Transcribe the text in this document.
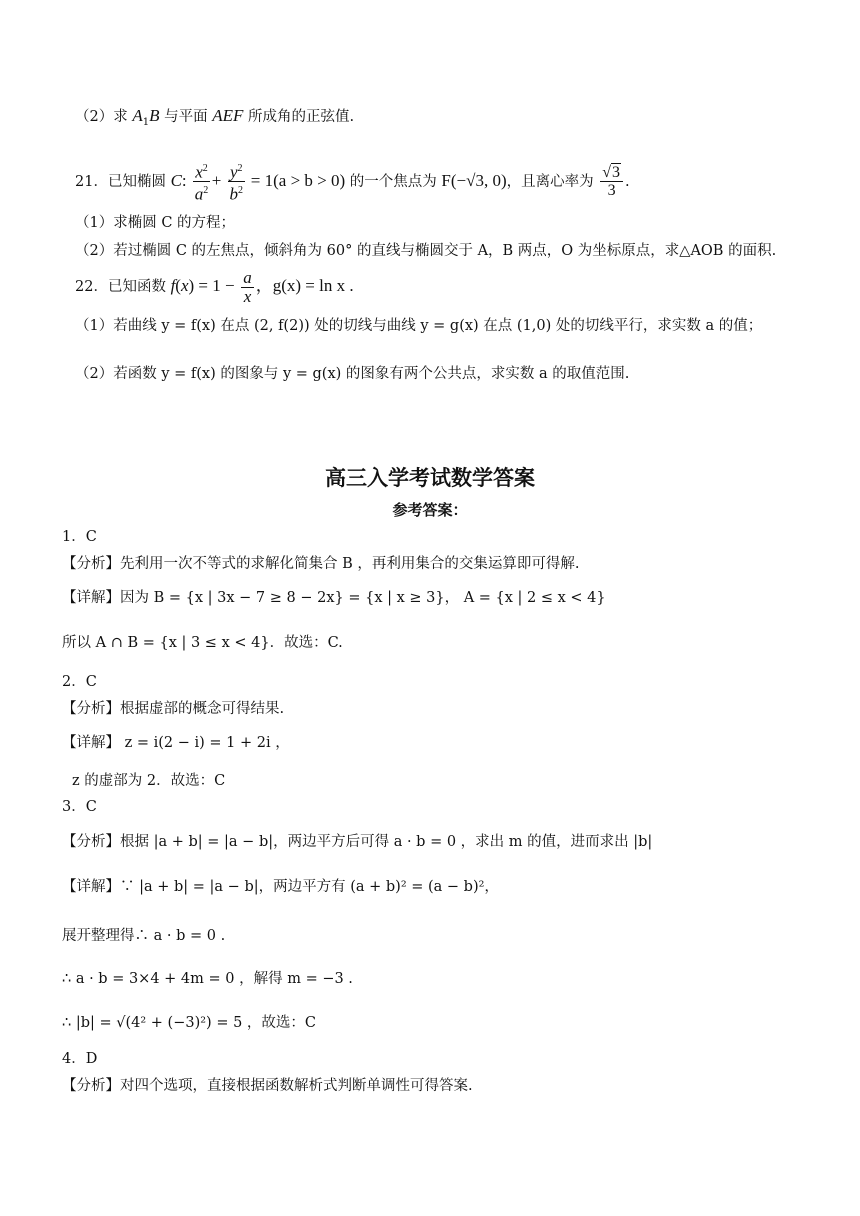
（2）求 $A_1B$ 与平面 AEF 所成角的正弦值.
21．已知椭圆 C: $\frac{x^2}{a^2} + \frac{y^2}{b^2} = 1(a > b > 0)$ 的一个焦点为 F(−√3, 0)，且离心率为 $\frac{√3}{3}$ .
（1）求椭圆 C 的方程；
（2）若过椭圆 C 的左焦点，倾斜角为 60° 的直线与椭圆交于 A，B 两点，O 为坐标原点，求△AOB 的面积.
22．已知函数 $f(x) = 1 - \frac{a}{x}$ ，g(x) = ln x .
（1）若曲线 y = f(x) 在点 (2, f(2)) 处的切线与曲线 y = g(x) 在点 (1,0) 处的切线平行，求实数 a 的值；
（2）若函数 y = f(x) 的图象与 y = g(x) 的图象有两个公共点，求实数 a 的取值范围.
高三入学考试数学答案
参考答案：
1．C
【分析】先利用一次不等式的求解化简集合 B ，再利用集合的交集运算即可得解.
【详解】因为 B = {x | 3x − 7 ≥ 8 − 2x} = {x | x ≥ 3}， A = {x | 2 ≤ x < 4}
所以 A ∩ B = {x | 3 ≤ x < 4}．故选：C.
2．C
【分析】根据虚部的概念可得结果.
【详解】 z = i(2 − i) = 1 + 2i ，
z 的虚部为 2．故选：C
3．C
【分析】根据 |a + b| = |a − b|，两边平方后可得 a · b = 0 ，求出 m 的值，进而求出 |b|
【详解】∵ |a + b| = |a − b|，两边平方有 (a + b)² = (a − b)²，
展开整理得∴ a · b = 0 .
∴ a · b = 3×4 + 4m = 0 ，解得 m = −3 .
∴ |b| = √(4² + (−3)²) = 5 ，故选：C
4．D
【分析】对四个选项，直接根据函数解析式判断单调性可得答案.
